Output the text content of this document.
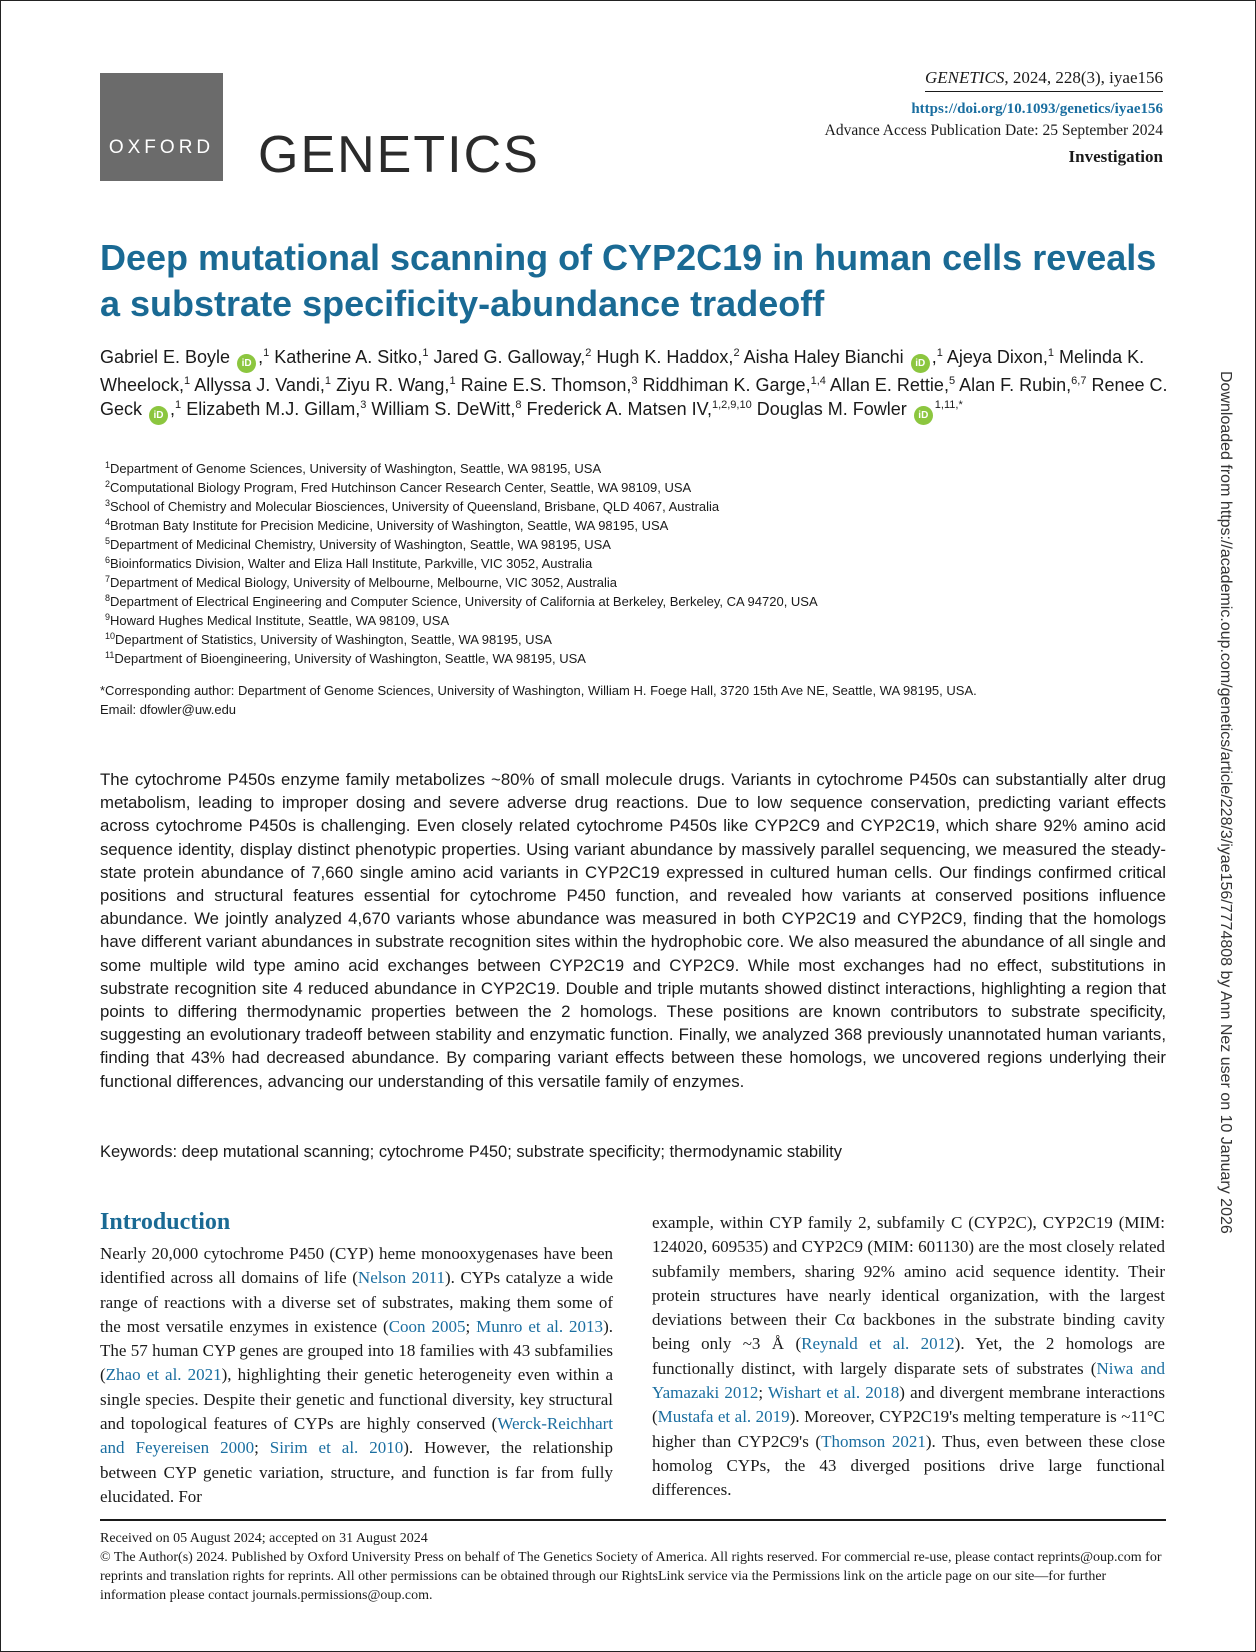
OXFORD GENETICS
GENETICS, 2024, 228(3), iyae156
https://doi.org/10.1093/genetics/iyae156
Advance Access Publication Date: 25 September 2024
Investigation
Deep mutational scanning of CYP2C19 in human cells reveals a substrate specificity-abundance tradeoff
Gabriel E. Boyle iD ,$^1$ Katherine A. Sitko,$^1$ Jared G. Galloway,$^2$ Hugh K. Haddox,$^2$ Aisha Haley Bianchi iD ,$^1$ Ajeya Dixon,$^1$ Melinda K. Wheelock,$^1$ Allyssa J. Vandi,$^1$ Ziyu R. Wang,$^1$ Raine E.S. Thomson,$^3$ Riddhiman K. Garge,$^{1,4}$ Allan E. Rettie,$^5$ Alan F. Rubin,$^{6,7}$ Renee C. Geck iD ,$^1$ Elizabeth M.J. Gillam,$^3$ William S. DeWitt,$^8$ Frederick A. Matsen IV,$^{1,2,9,10}$ Douglas M. Fowler $iD^{1,11,*}$
$^1$Department of Genome Sciences, University of Washington, Seattle, WA 98195, USA
$^2$Computational Biology Program, Fred Hutchinson Cancer Research Center, Seattle, WA 98109, USA
$^3$School of Chemistry and Molecular Biosciences, University of Queensland, Brisbane, QLD 4067, Australia
$^4$Brotman Baty Institute for Precision Medicine, University of Washington, Seattle, WA 98195, USA
$^5$Department of Medicinal Chemistry, University of Washington, Seattle, WA 98195, USA
$^6$Bioinformatics Division, Walter and Eliza Hall Institute, Parkville, VIC 3052, Australia
$^7$Department of Medical Biology, University of Melbourne, Melbourne, VIC 3052, Australia
$^8$Department of Electrical Engineering and Computer Science, University of California at Berkeley, Berkeley, CA 94720, USA
$^9$Howard Hughes Medical Institute, Seattle, WA 98109, USA
$^{10}$Department of Statistics, University of Washington, Seattle, WA 98195, USA
$^{11}$Department of Bioengineering, University of Washington, Seattle, WA 98195, USA
*Corresponding author: Department of Genome Sciences, University of Washington, William H. Foege Hall, 3720 15th Ave NE, Seattle, WA 98195, USA.
Email: dfowler@uw.edu

The cytochrome P450s enzyme family metabolizes ~80% of small molecule drugs. Variants in cytochrome P450s can substantially alter drug metabolism, leading to improper dosing and severe adverse drug reactions. Due to low sequence conservation, predicting variant effects across cytochrome P450s is challenging. Even closely related cytochrome P450s like CYP2C9 and CYP2C19, which share 92% amino acid sequence identity, display distinct phenotypic properties. Using variant abundance by massively parallel sequencing, we measured the steady-state protein abundance of 7,660 single amino acid variants in CYP2C19 expressed in cultured human cells. Our findings confirmed critical positions and structural features essential for cytochrome P450 function, and revealed how variants at conserved positions influence abundance. We jointly analyzed 4,670 variants whose abundance was measured in both CYP2C19 and CYP2C9, finding that the homologs have different variant abundances in substrate recognition sites within the hydrophobic core. We also measured the abundance of all single and some multiple wild type amino acid exchanges between CYP2C19 and CYP2C9. While most exchanges had no effect, substitutions in substrate recognition site 4 reduced abundance in CYP2C19. Double and triple mutants showed distinct interactions, highlighting a region that points to differing thermodynamic properties between the 2 homologs. These positions are known contributors to substrate specificity, suggesting an evolutionary tradeoff between stability and enzymatic function. Finally, we analyzed 368 previously unannotated human variants, finding that 43% had decreased abundance. By comparing variant effects between these homologs, we uncovered regions underlying their functional differences, advancing our understanding of this versatile family of enzymes.

Keywords: deep mutational scanning; cytochrome P450; substrate specificity; thermodynamic stability
Introduction
Nearly 20,000 cytochrome P450 (CYP) heme monooxygenases have been identified across all domains of life (Nelson 2011). CYPs catalyze a wide range of reactions with a diverse set of substrates, making them some of the most versatile enzymes in existence (Coon 2005; Munro et al. 2013). The 57 human CYP genes are grouped into 18 families with 43 subfamilies (Zhao et al. 2021), highlighting their genetic heterogeneity even within a single species. Despite their genetic and functional diversity, key structural and topological features of CYPs are highly conserved (Werck-Reichhart and Feyereisen 2000; Sirim et al. 2010). However, the relationship between CYP genetic variation, structure, and function is far from fully elucidated. For
example, within CYP family 2, subfamily C (CYP2C), CYP2C19 (MIM: 124020, 609535) and CYP2C9 (MIM: 601130) are the most closely related subfamily members, sharing 92% amino acid sequence identity. Their protein structures have nearly identical organization, with the largest deviations between their Cα backbones in the substrate binding cavity being only ~3 Å (Reynald et al. 2012). Yet, the 2 homologs are functionally distinct, with largely disparate sets of substrates (Niwa and Yamazaki 2012; Wishart et al. 2018) and divergent membrane interactions (Mustafa et al. 2019). Moreover, CYP2C19's melting temperature is ~11°C higher than CYP2C9's (Thomson 2021). Thus, even between these close homolog CYPs, the 43 diverged positions drive large functional differences.
Received on 05 August 2024; accepted on 31 August 2024
© The Author(s) 2024. Published by Oxford University Press on behalf of The Genetics Society of America. All rights reserved. For commercial re-use, please contact reprints@oup.com for reprints and translation rights for reprints. All other permissions can be obtained through our RightsLink service via the Permissions link on the article page on our site—for further information please contact journals.permissions@oup.com.
Downloaded from https://academic.oup.com/genetics/article/228/3/iyae156/7774808 by Ann Nez user on 10 January 2026
